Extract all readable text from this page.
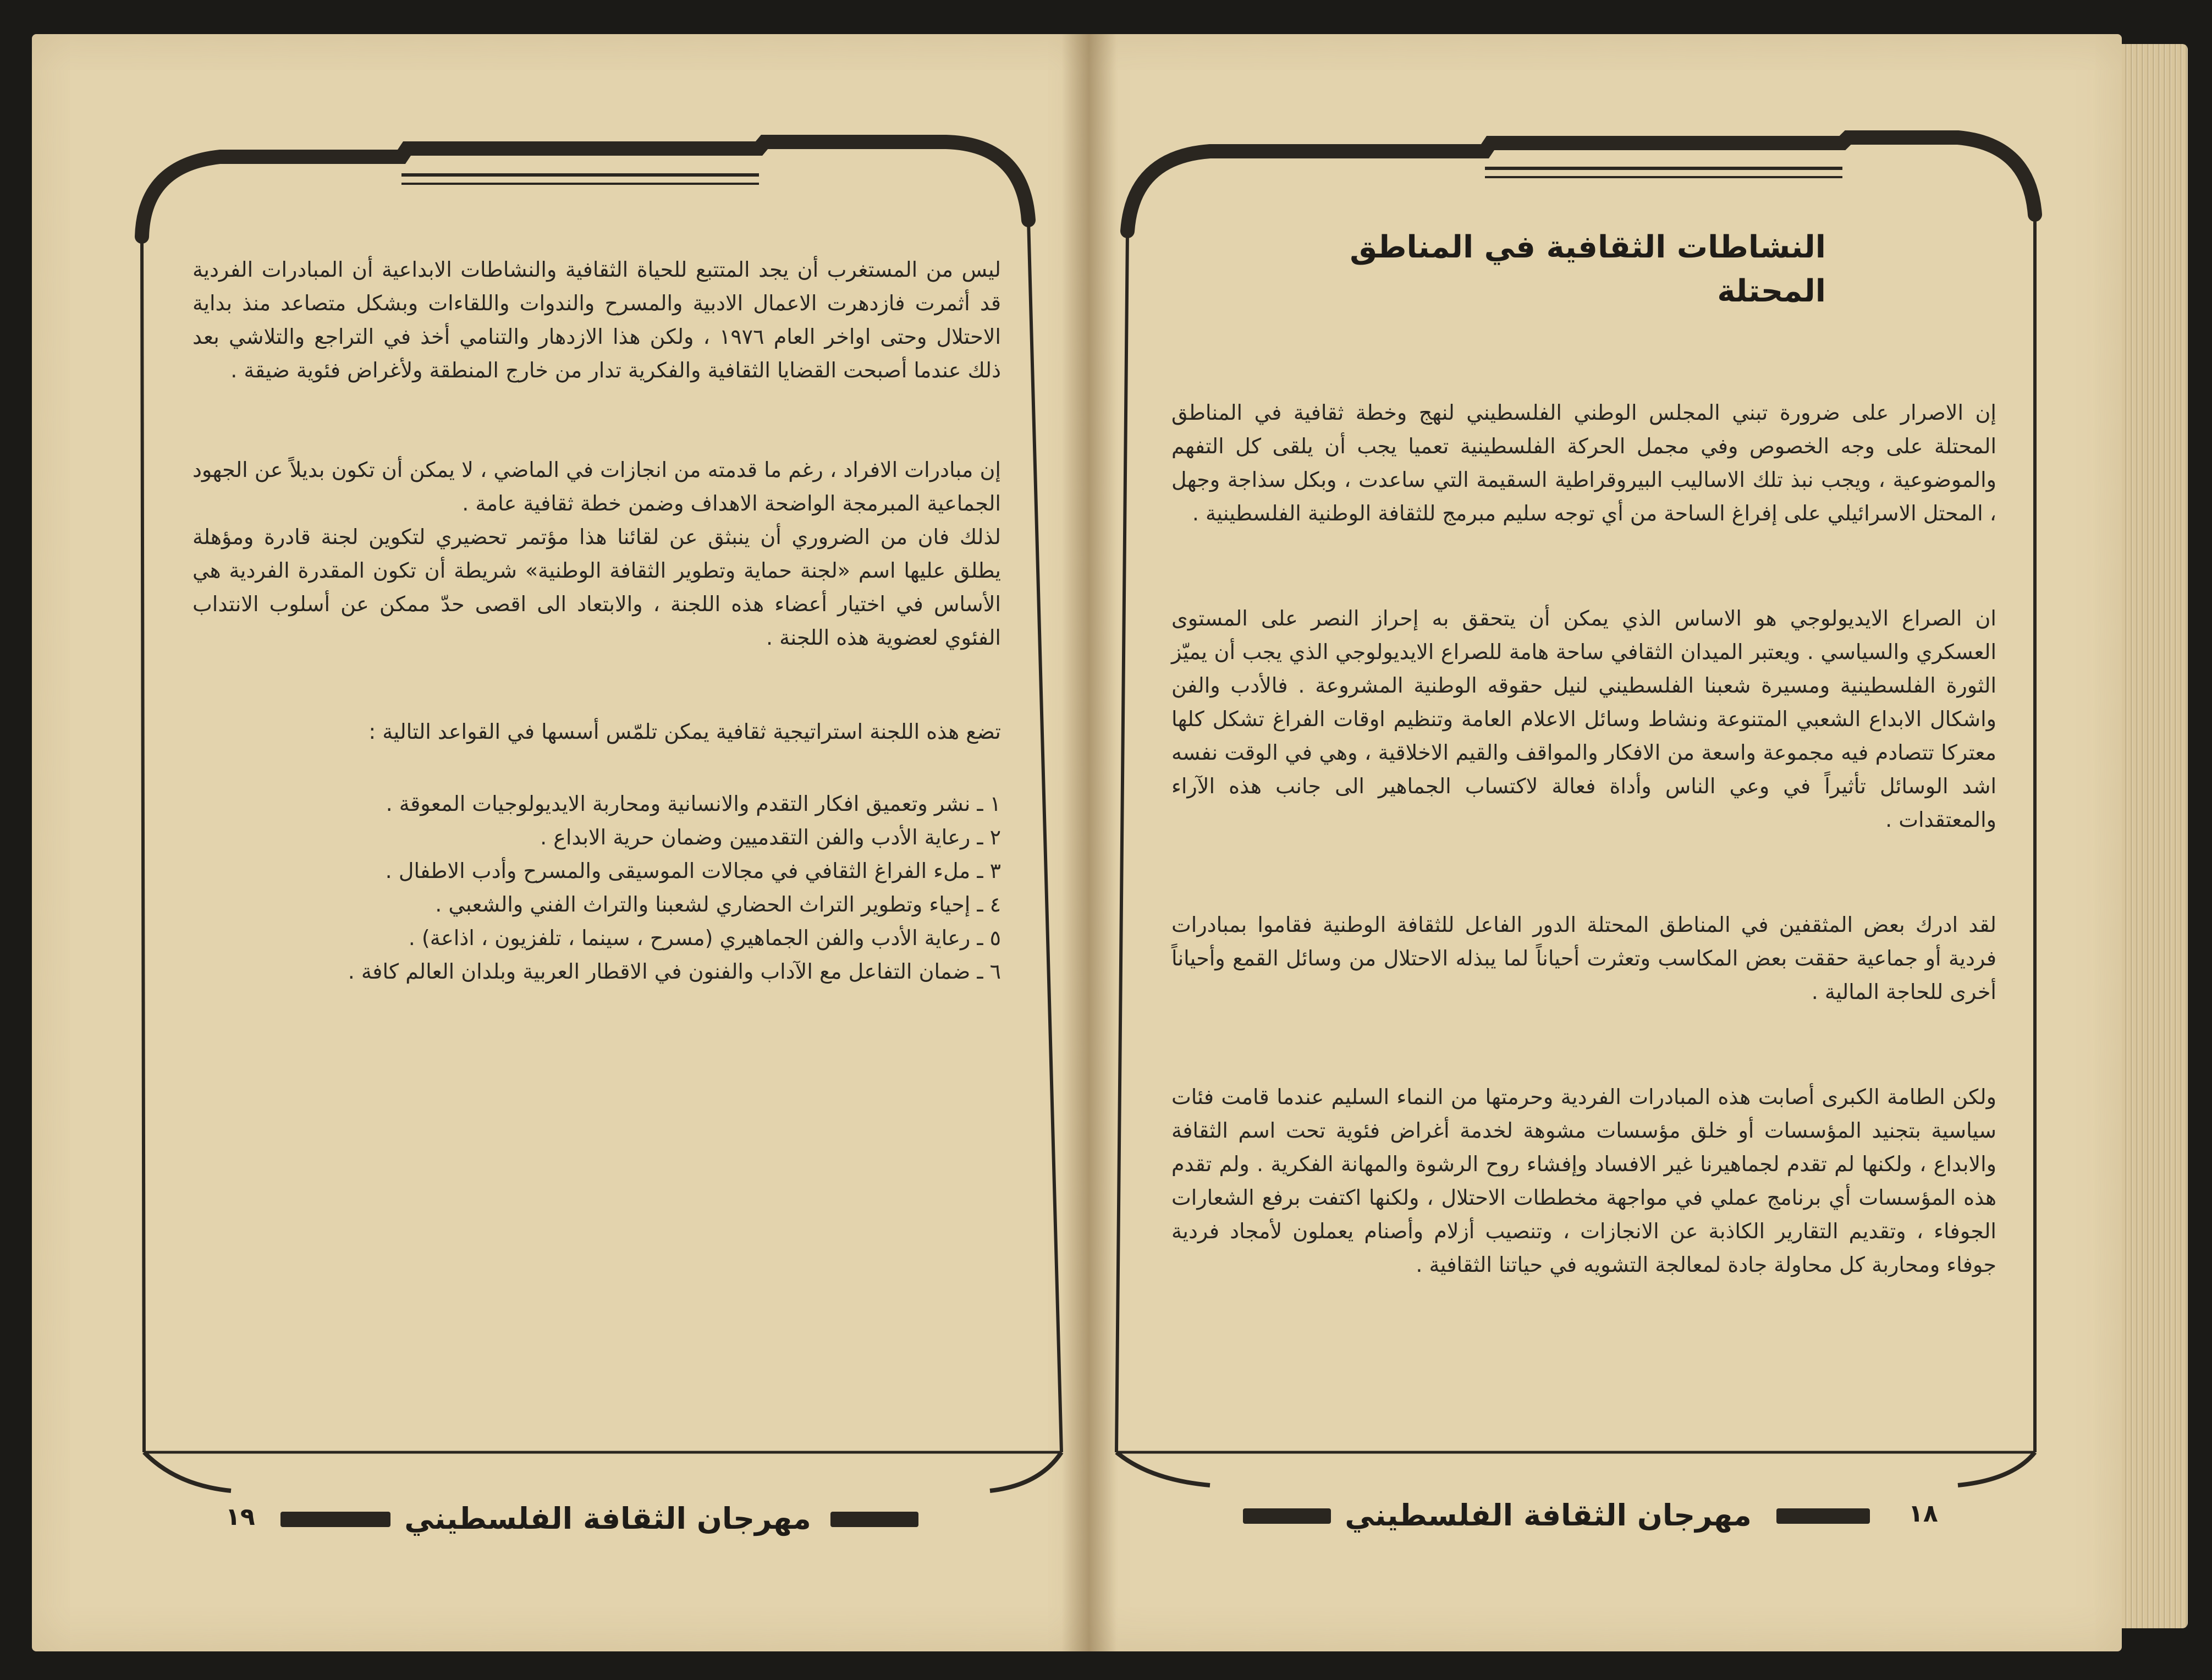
النشاطات الثقافية في المناطق المحتلة

إن الاصرار على ضرورة تبني المجلس الوطني الفلسطيني لنهج وخطة ثقافية في المناطق المحتلة على وجه الخصوص وفي مجمل الحركة الفلسطينية تعميا يجب أن يلقى كل التفهم والموضوعية ، ويجب نبذ تلك الاساليب البيروقراطية السقيمة التي ساعدت ، وبكل سذاجة وجهل ، المحتل الاسرائيلي على إفراغ الساحة من أي توجه سليم مبرمج للثقافة الوطنية الفلسطينية .

ان الصراع الايديولوجي هو الاساس الذي يمكن أن يتحقق به إحراز النصر على المستوى العسكري والسياسي . ويعتبر الميدان الثقافي ساحة هامة للصراع الايديولوجي الذي يجب أن يميّز الثورة الفلسطينية ومسيرة شعبنا الفلسطيني لنيل حقوقه الوطنية المشروعة . فالأدب والفن واشكال الابداع الشعبي المتنوعة ونشاط وسائل الاعلام العامة وتنظيم اوقات الفراغ تشكل كلها معتركا تتصادم فيه مجموعة واسعة من الافكار والمواقف والقيم الاخلاقية ، وهي في الوقت نفسه اشد الوسائل تأثيراً في وعي الناس وأداة فعالة لاكتساب الجماهير الى جانب هذه الآراء والمعتقدات .

لقد ادرك بعض المثقفين في المناطق المحتلة الدور الفاعل للثقافة الوطنية فقاموا بمبادرات فردية أو جماعية حققت بعض المكاسب وتعثرت أحياناً لما يبذله الاحتلال من وسائل القمع وأحياناً أخرى للحاجة المالية .

ولكن الطامة الكبرى أصابت هذه المبادرات الفردية وحرمتها من النماء السليم عندما قامت فئات سياسية بتجنيد المؤسسات أو خلق مؤسسات مشوهة لخدمة أغراض فئوية تحت اسم الثقافة والابداع ، ولكنها لم تقدم لجماهيرنا غير الافساد وإفشاء روح الرشوة والمهانة الفكرية . ولم تقدم هذه المؤسسات أي برنامج عملي في مواجهة مخططات الاحتلال ، ولكنها اكتفت برفع الشعارات الجوفاء ، وتقديم التقارير الكاذبة عن الانجازات ، وتنصيب أزلام وأصنام يعملون لأمجاد فردية جوفاء ومحاربة كل محاولة جادة لمعالجة التشويه في حياتنا الثقافية .

مهرجان الثقافة الفلسطيني	١٨

ليس من المستغرب أن يجد المتتبع للحياة الثقافية والنشاطات الابداعية أن المبادرات الفردية قد أثمرت فازدهرت الاعمال الادبية والمسرح والندوات واللقاءات وبشكل متصاعد منذ بداية الاحتلال وحتى اواخر العام ١٩٧٦ ، ولكن هذا الازدهار والتنامي أخذ في التراجع والتلاشي بعد ذلك عندما أصبحت القضايا الثقافية والفكرية تدار من خارج المنطقة ولأغراض فئوية ضيقة .

إن مبادرات الافراد ، رغم ما قدمته من انجازات في الماضي ، لا يمكن أن تكون بديلاً عن الجهود الجماعية المبرمجة الواضحة الاهداف وضمن خطة ثقافية عامة .

لذلك فان من الضروري أن ينبثق عن لقائنا هذا مؤتمر تحضيري لتكوين لجنة قادرة ومؤهلة يطلق عليها اسم «لجنة حماية وتطوير الثقافة الوطنية» شريطة أن تكون المقدرة الفردية هي الأساس في اختيار أعضاء هذه اللجنة ، والابتعاد الى اقصى حدّ ممكن عن أسلوب الانتداب الفئوي لعضوية هذه اللجنة .

تضع هذه اللجنة استراتيجية ثقافية يمكن تلمّس أسسها في القواعد التالية :

١ ـ نشر وتعميق افكار التقدم والانسانية ومحاربة الايديولوجيات المعوقة .
٢ ـ رعاية الأدب والفن التقدميين وضمان حرية الابداع .
٣ ـ ملء الفراغ الثقافي في مجالات الموسيقى والمسرح وأدب الاطفال .
٤ ـ إحياء وتطوير التراث الحضاري لشعبنا والتراث الفني والشعبي .
٥ ـ رعاية الأدب والفن الجماهيري (مسرح ، سينما ، تلفزيون ، اذاعة) .
٦ ـ ضمان التفاعل مع الآداب والفنون في الاقطار العربية وبلدان العالم كافة .
١٩	مهرجان الثقافة الفلسطيني
